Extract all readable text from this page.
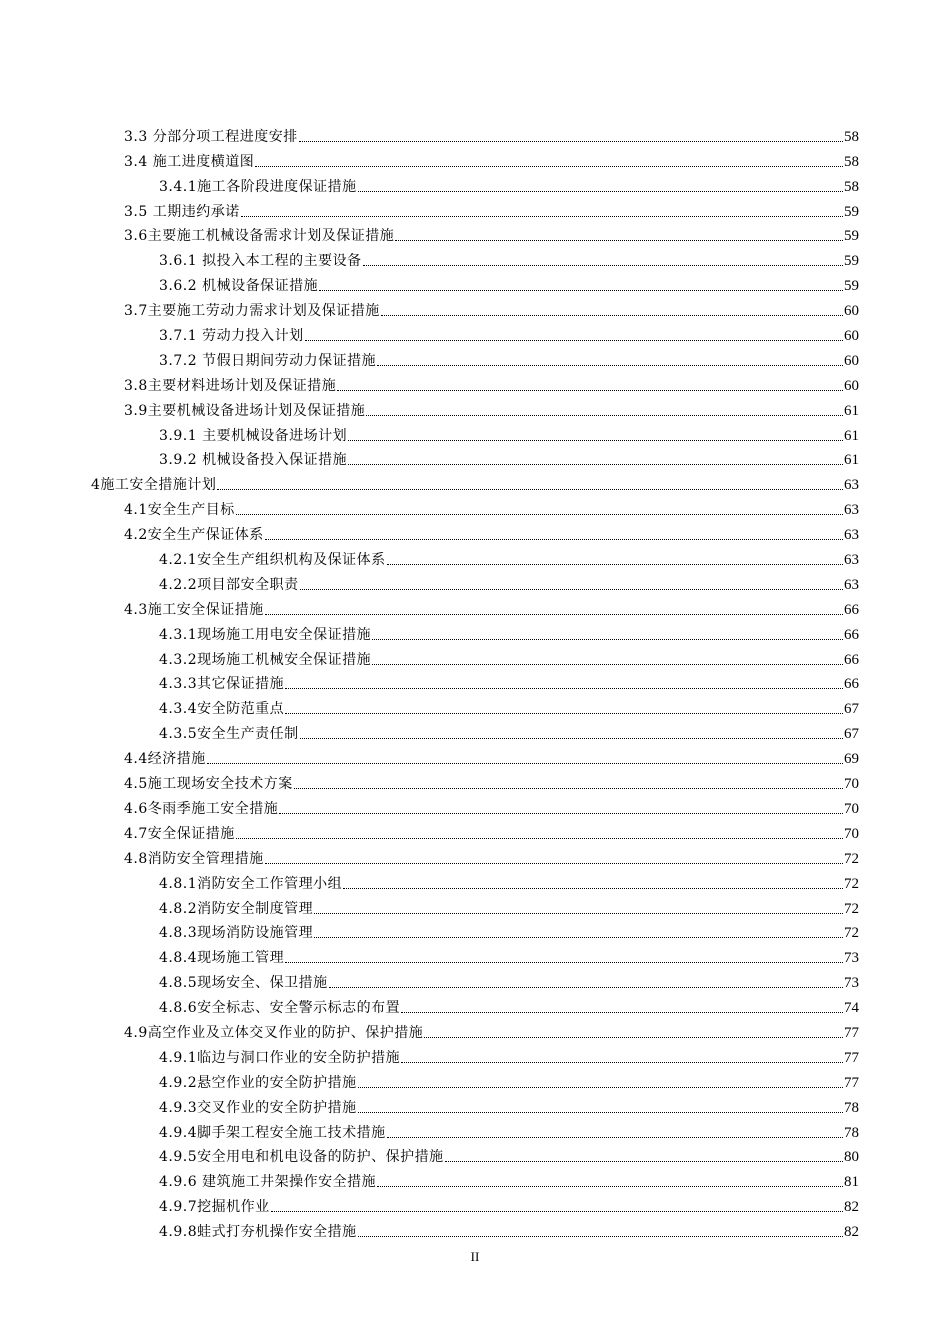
3.3 分部分项工程进度安排	58
3.4 施工进度横道图	58
3.4.1施工各阶段进度保证措施	58
3.5 工期违约承诺	59
3.6主要施工机械设备需求计划及保证措施	59
3.6.1 拟投入本工程的主要设备	59
3.6.2 机械设备保证措施	59
3.7主要施工劳动力需求计划及保证措施	60
3.7.1 劳动力投入计划	60
3.7.2 节假日期间劳动力保证措施	60
3.8主要材料进场计划及保证措施	60
3.9主要机械设备进场计划及保证措施	61
3.9.1 主要机械设备进场计划	61
3.9.2 机械设备投入保证措施	61
4施工安全措施计划	63
4.1安全生产目标	63
4.2安全生产保证体系	63
4.2.1安全生产组织机构及保证体系	63
4.2.2项目部安全职责	63
4.3施工安全保证措施	66
4.3.1现场施工用电安全保证措施	66
4.3.2现场施工机械安全保证措施	66
4.3.3其它保证措施	66
4.3.4安全防范重点	67
4.3.5安全生产责任制	67
4.4经济措施	69
4.5施工现场安全技术方案	70
4.6冬雨季施工安全措施	70
4.7安全保证措施	70
4.8消防安全管理措施	72
4.8.1消防安全工作管理小组	72
4.8.2消防安全制度管理	72
4.8.3现场消防设施管理	72
4.8.4现场施工管理	73
4.8.5现场安全、保卫措施	73
4.8.6安全标志、安全警示标志的布置	74
4.9高空作业及立体交叉作业的防护、保护措施	77
4.9.1临边与洞口作业的安全防护措施	77
4.9.2悬空作业的安全防护措施	77
4.9.3交叉作业的安全防护措施	78
4.9.4脚手架工程安全施工技术措施	78
4.9.5安全用电和机电设备的防护、保护措施	80
4.9.6 建筑施工井架操作安全措施	81
4.9.7挖掘机作业	82
4.9.8蛙式打夯机操作安全措施	82
II
